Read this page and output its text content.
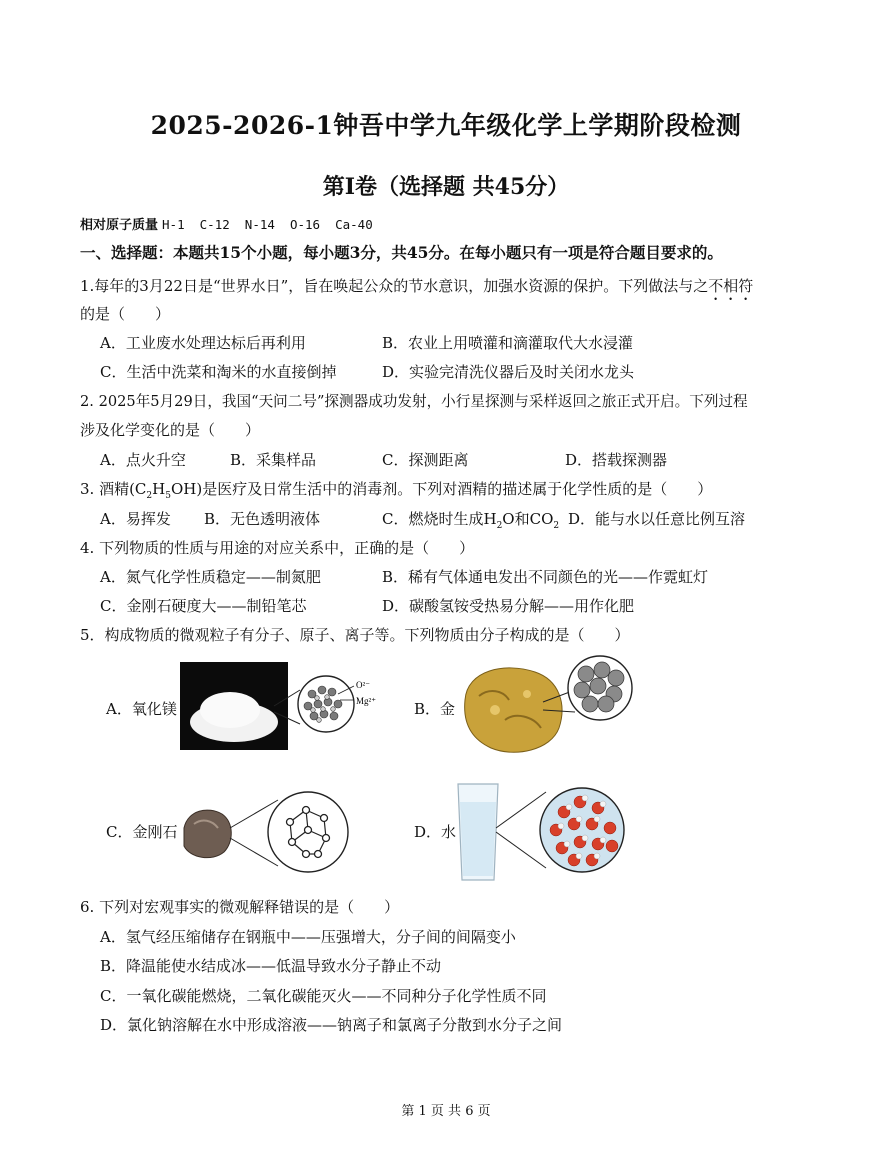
2025-2026-1钟吾中学九年级化学上学期阶段检测
第Ⅰ卷（选择题 共45分）
相对原子质量 H-1  C-12  N-14  O-16  Ca-40
一、选择题：本题共15个小题，每小题3分，共45分。在每小题只有一项是符合题目要求的。
1.每年的3月22日是“世界水日”，旨在唤起公众的节水意识，加强水资源的保护。下列做法与之不相符
的是（　　）
A．工业废水处理达标后再利用	B．农业上用喷灌和滴灌取代大水浸灌
C．生活中洗菜和淘米的水直接倒掉	D．实验完清洗仪器后及时关闭水龙头
2. 2025年5月29日，我国“天问二号”探测器成功发射，小行星探测与采样返回之旅正式开启。下列过程
涉及化学变化的是（　　）
A．点火升空	B．采集样品	C．探测距离	D．搭载探测器
3. 酒精$(C_2H_5OH)$是医疗及日常生活中的消毒剂。下列对酒精的描述属于化学性质的是（　　）
A．易挥发 B．无色透明液体	C．燃烧时生成$H_2O$和$CO_2$ D．能与水以任意比例互溶
4. 下列物质的性质与用途的对应关系中，正确的是（　　）
A．氮气化学性质稳定——制氮肥	B．稀有气体通电发出不同颜色的光——作霓虹灯
C．金刚石硬度大——制铅笔芯	D．碳酸氢铵受热易分解——用作化肥
5．构成物质的微观粒子有分子、原子、离子等。下列物质由分子构成的是（　　）
A．氧化镁	B．金
C．金刚石	D．水
O²⁻
Mg²⁺
6. 下列对宏观事实的微观解释错误的是（　　）
A．氢气经压缩储存在钢瓶中——压强增大，分子间的间隔变小
B．降温能使水结成冰——低温导致水分子静止不动
C．一氧化碳能燃烧，二氧化碳能灭火——不同种分子化学性质不同
D．氯化钠溶解在水中形成溶液——钠离子和氯离子分散到水分子之间
第 1 页 共 6 页
